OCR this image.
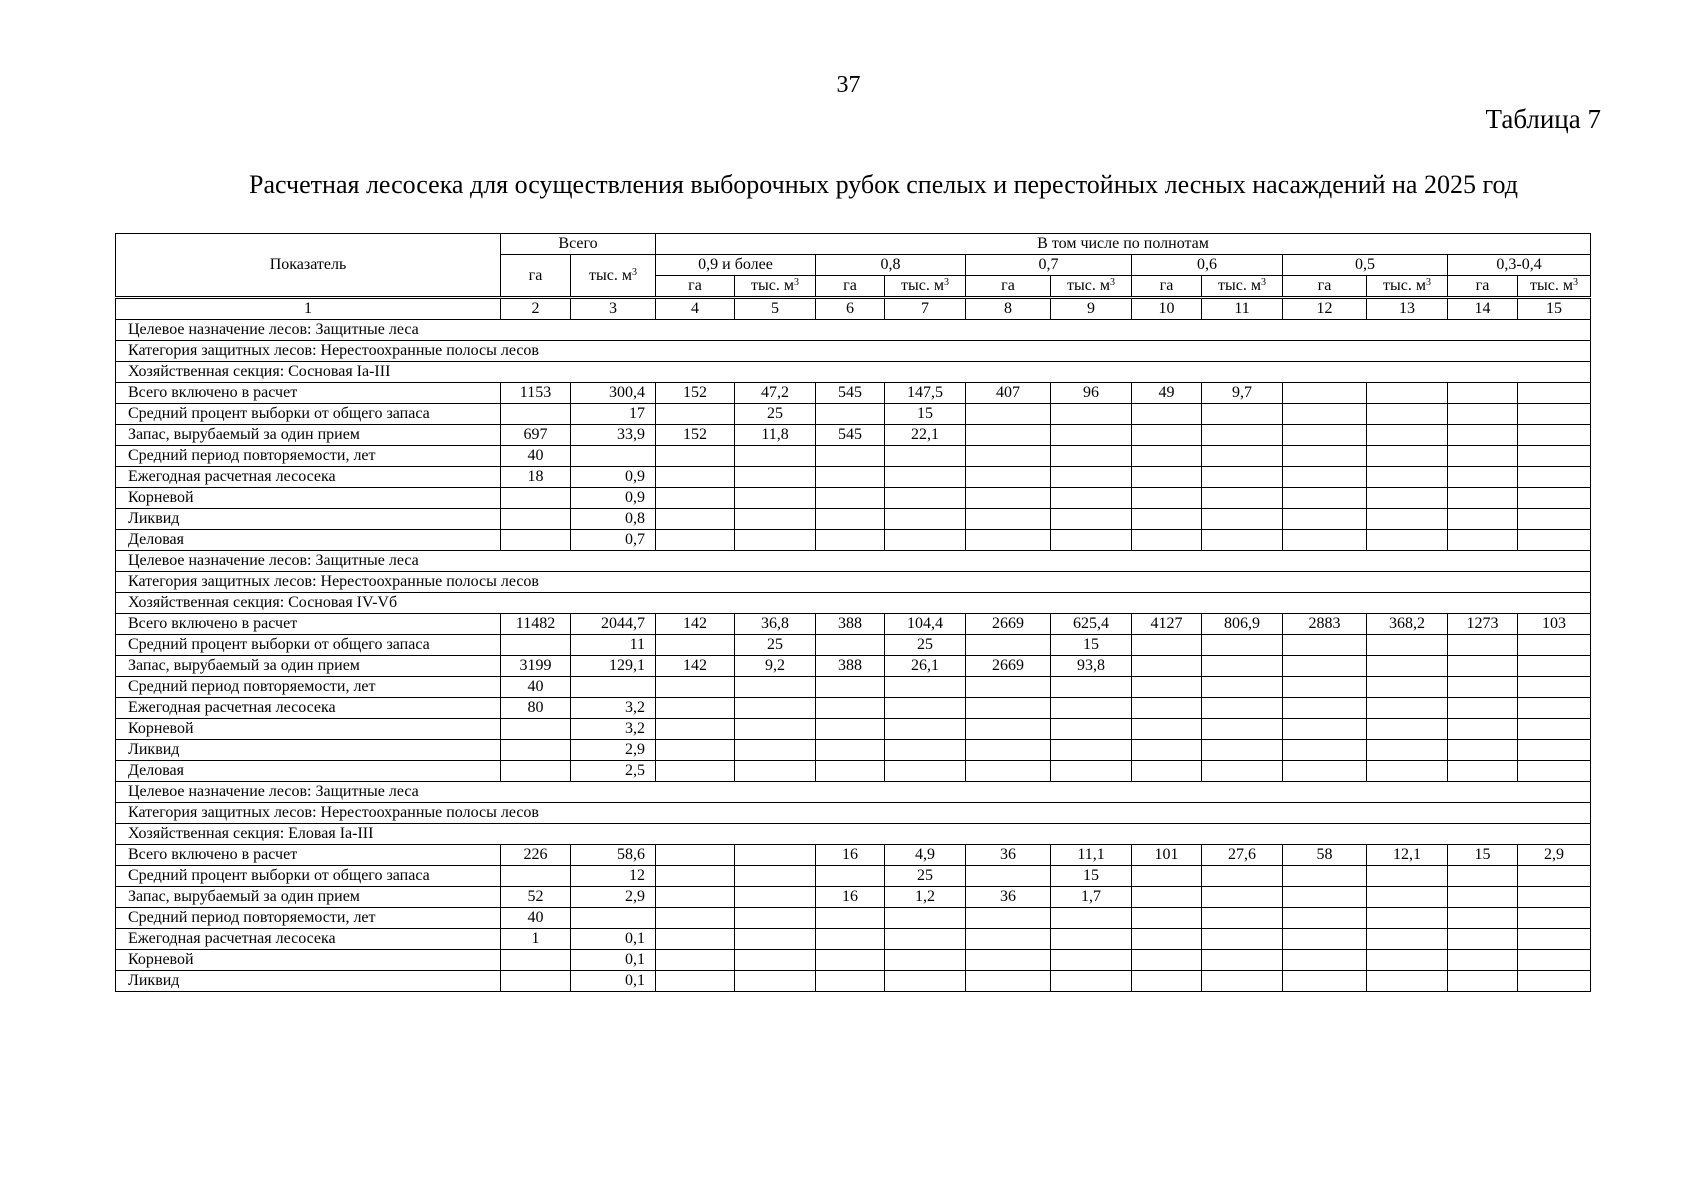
37
Таблица 7
Расчетная лесосека для осуществления выборочных рубок спелых и перестойных лесных насаждений на 2025 год
Показатель	Всего		В том числе по полнотам											
	га	тыс. $м^3$	0,9 и более		0,8		0,7		0,6		0,5		0,3-0,4	
			га	тыс. $м^3$	га	тыс. $м^3$	га	тыс. $м^3$	га	тыс. $м^3$	га	тыс. $м^3$	га	тыс. $м^3$
1	2	3	4	5	6	7	8	9	10	11	12	13	14	15
Целевое назначение лесов: Защитные леса														
Категория защитных лесов: Нерестоохранные полосы лесов														
Хозяйственная секция: Сосновая Ia-III														
Всего включено в расчет	1153	300,4	152	47,2	545	147,5	407	96	49	9,7				
Средний процент выборки от общего запаса		17		25		15								
Запас, вырубаемый за один прием	697	33,9	152	11,8	545	22,1								
Средний период повторяемости, лет	40													
Ежегодная расчетная лесосека	18	0,9												
Корневой		0,9												
Ликвид		0,8												
Деловая		0,7												
Целевое назначение лесов: Защитные леса														
Категория защитных лесов: Нерестоохранные полосы лесов														
Хозяйственная секция: Сосновая IV-Vб														
Всего включено в расчет	11482	2044,7	142	36,8	388	104,4	2669	625,4	4127	806,9	2883	368,2	1273	103
Средний процент выборки от общего запаса		11		25		25		15						
Запас, вырубаемый за один прием	3199	129,1	142	9,2	388	26,1	2669	93,8						
Средний период повторяемости, лет	40													
Ежегодная расчетная лесосека	80	3,2												
Корневой		3,2												
Ликвид		2,9												
Деловая		2,5												
Целевое назначение лесов: Защитные леса														
Категория защитных лесов: Нерестоохранные полосы лесов														
Хозяйственная секция: Еловая Ia-III														
Всего включено в расчет	226	58,6			16	4,9	36	11,1	101	27,6	58	12,1	15	2,9
Средний процент выборки от общего запаса		12				25		15						
Запас, вырубаемый за один прием	52	2,9			16	1,2	36	1,7						
Средний период повторяемости, лет	40													
Ежегодная расчетная лесосека	1	0,1												
Корневой		0,1												
Ликвид		0,1												
